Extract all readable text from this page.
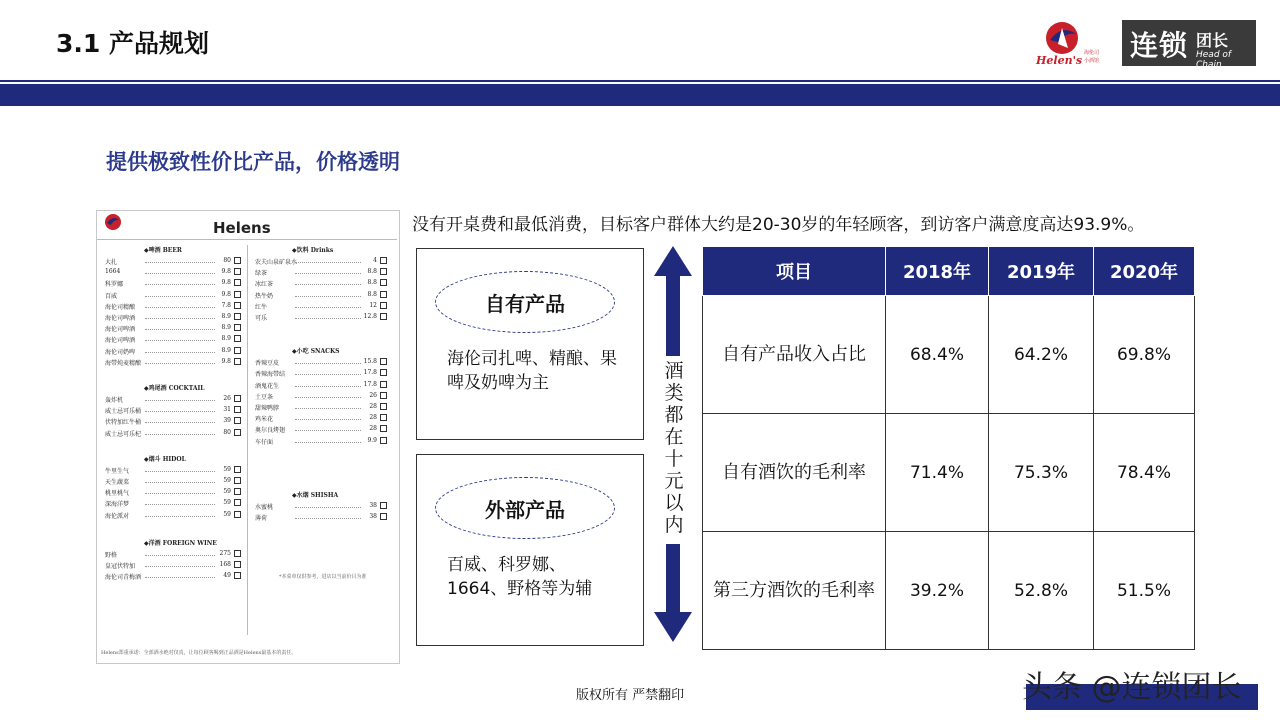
3.1 产品规划
Helen's
海伦司
小酒馆 连锁 团长
Head of Chain
提供极致性价比产品，价格透明
没有开桌费和最低消费，目标客户群体大约是20-30岁的年轻顾客，到访客户满意度高达93.9%。
Helens
*本菜单仅供参考，进店以当前价目为准
Helens郑重承诺：全部酒水绝对仅真，让每位顾客喝到正品酒是Helens最基本的责任。
◆啤酒 BEER
大扎	80
1664	9.8
科罗娜	9.8
百威	9.8
海伦司精酿	7.8
海伦司啤酒	8.9
海伦司啤酒	8.9
海伦司啤酒	8.9
海伦司奶啤	8.9
海带炖麦精酿	9.8
◆鸡尾酒 COCKTAIL
轰炸机	26
威士忌可乐桶	31
伏特加红牛桶	39
威士忌可乐杞	80
◆烟斗 HIDOL
牛里生气	59
天生蔬菜	59
桃里桃气	59
深海洋梦	59
海伦派对	59
◆洋酒 FOREIGN WINE
野格	275
皇冠伏特加	168
海伦司青梅酒	49
◆饮料 Drinks
农夫山泉矿泉水	4
绿茶	8.8
冰红茶	8.8
热牛奶	8.8
红牛	12
可乐	12.8
◆小吃 SNACKS
香辣豆皮	15.8
香辣海带结	17.8
酒鬼花生	17.8
土豆条	26
甜辣鸭脖	28
鸡米花	28
奥尔良烤翅	28
车仔面	9.9
◆水烟 SHISHA
水蜜桃	38
薄荷	38
自有产品
海伦司扎啤、精酿、果啤及奶啤为主
外部产品
百威、科罗娜、1664、野格等为辅
酒
类
都
在
十
元
以
内
项目	2018年	2019年	2020年
自有产品收入占比	68.4%	64.2%	69.8%
自有酒饮的毛利率	71.4%	75.3%	78.4%
第三方酒饮的毛利率	39.2%	52.8%	51.5%
版权所有 严禁翻印	头条 @连锁团长
